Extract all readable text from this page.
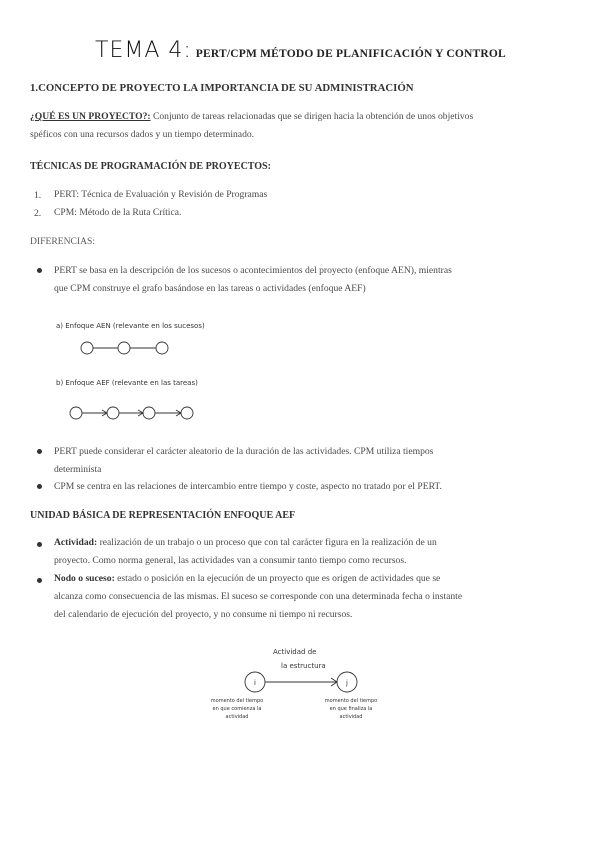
TEMA 4: PERT/CPM MÉTODO DE PLANIFICACIÓN Y CONTROL
1.CONCEPTO DE PROYECTO LA IMPORTANCIA DE SU ADMINISTRACIÓN
¿QUÉ ES UN PROYECTO?: Conjunto de tareas relacionadas que se dirigen hacia la obtención de unos objetivos
spéficos con una recursos dados y un tiempo determinado.
TÉCNICAS DE PROGRAMACIÓN DE PROYECTOS:
1. PERT: Técnica de Evaluación y Revisión de Programas
2. CPM: Método de la Ruta Crítica.
DIFERENCIAS:
PERT se basa en la descripción de los sucesos o acontecimientos del proyecto (enfoque AEN), mientras
que CPM construye el grafo basándose en las tareas o actividades (enfoque AEF)
a) Enfoque AEN (relevante en los sucesos)
b) Enfoque AEF (relevante en las tareas)
PERT puede considerar el carácter aleatorio de la duración de las actividades. CPM utiliza tiempos
determinista
CPM se centra en las relaciones de intercambio entre tiempo y coste, aspecto no tratado por el PERT.
UNIDAD BÁSICA DE REPRESENTACIÓN ENFOQUE AEF
Actividad: realización de un trabajo o un proceso que con tal carácter figura en la realización de un
proyecto. Como norma general, las actividades van a consumir tanto tiempo como recursos.
Nodo o suceso: estado o posición en la ejecución de un proyecto que es origen de actividades que se
alcanza como consecuencia de las mismas. El suceso se corresponde con una determinada fecha o instante
del calendario de ejecución del proyecto, y no consume ni tiempo ni recursos.
Actividad de
la estructura
i	j
momento del tiempo
en que comienza la
actividad
momento del tiempo
en que finaliza la
actividad
